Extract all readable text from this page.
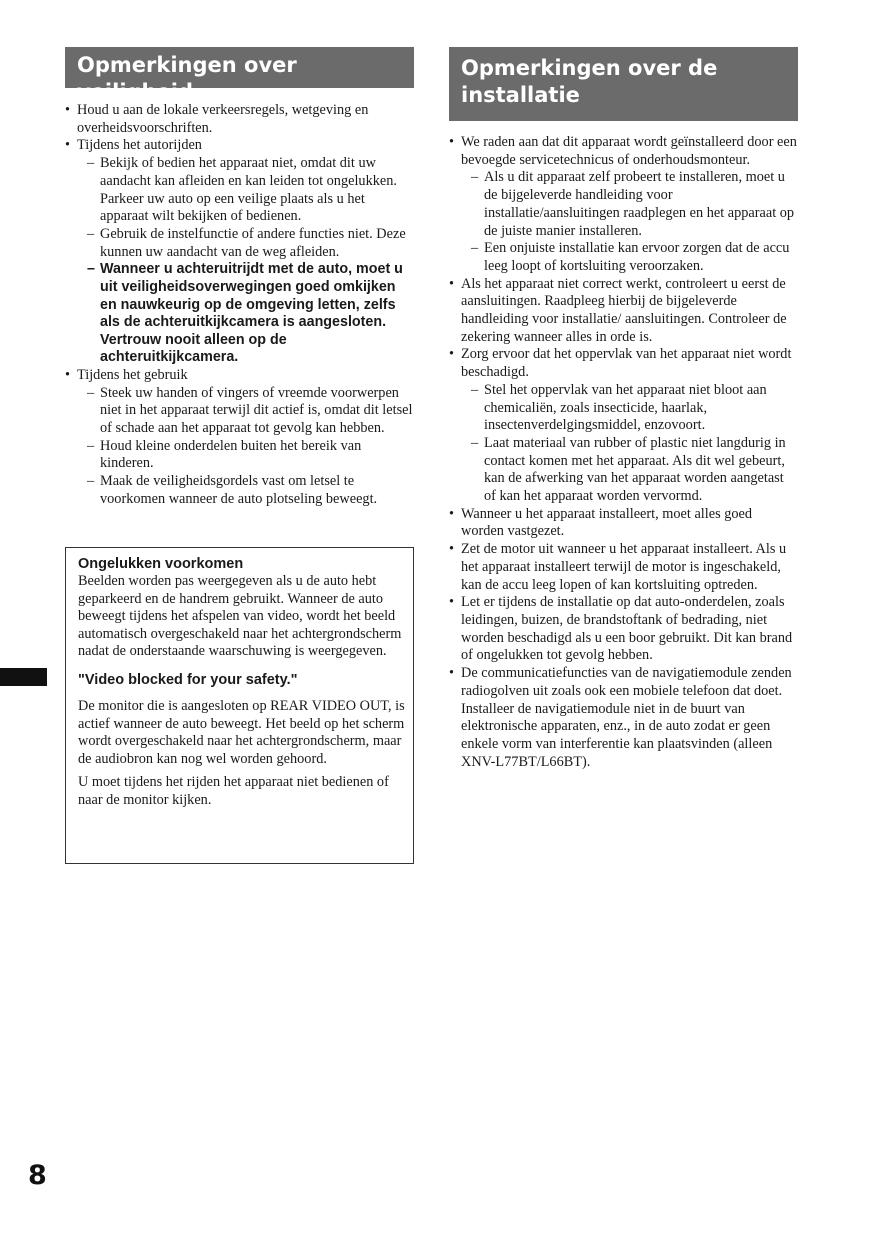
Opmerkingen over veiligheid
• Houd u aan de lokale verkeersregels, wetgeving en overheidsvoorschriften.
• Tijdens het autorijden
– Bekijk of bedien het apparaat niet, omdat dit uw aandacht kan afleiden en kan leiden tot ongelukken. Parkeer uw auto op een veilige plaats als u het apparaat wilt bekijken of bedienen.
– Gebruik de instelfunctie of andere functies niet. Deze kunnen uw aandacht van de weg afleiden.
– Wanneer u achteruitrijdt met de auto, moet u uit veiligheidsoverwegingen goed omkijken en nauwkeurig op de omgeving letten, zelfs als de achteruitkijkcamera is aangesloten. Vertrouw nooit alleen op de achteruitkijkcamera.
• Tijdens het gebruik
– Steek uw handen of vingers of vreemde voorwerpen niet in het apparaat terwijl dit actief is, omdat dit letsel of schade aan het apparaat tot gevolg kan hebben.
– Houd kleine onderdelen buiten het bereik van kinderen.
– Maak de veiligheidsgordels vast om letsel te voorkomen wanneer de auto plotseling beweegt.
Ongelukken voorkomen

Beelden worden pas weergegeven als u de auto hebt geparkeerd en de handrem gebruikt. Wanneer de auto beweegt tijdens het afspelen van video, wordt het beeld automatisch overgeschakeld naar het achtergrondscherm nadat de onderstaande waarschuwing is weergegeven.

"Video blocked for your safety."

De monitor die is aangesloten op REAR VIDEO OUT, is actief wanneer de auto beweegt. Het beeld op het scherm wordt overgeschakeld naar het achtergrondscherm, maar de audiobron kan nog wel worden gehoord.

U moet tijdens het rijden het apparaat niet bedienen of naar de monitor kijken.

Opmerkingen over de
installatie
• We raden aan dat dit apparaat wordt geïnstalleerd door een bevoegde servicetechnicus of onderhoudsmonteur.
– Als u dit apparaat zelf probeert te installeren, moet u de bijgeleverde handleiding voor installatie/aansluitingen raadplegen en het apparaat op de juiste manier installeren.
– Een onjuiste installatie kan ervoor zorgen dat de accu leeg loopt of kortsluiting veroorzaken.
• Als het apparaat niet correct werkt, controleert u eerst de aansluitingen. Raadpleeg hierbij de bijgeleverde handleiding voor installatie/ aansluitingen. Controleer de zekering wanneer alles in orde is.
• Zorg ervoor dat het oppervlak van het apparaat niet wordt beschadigd.
– Stel het oppervlak van het apparaat niet bloot aan chemicaliën, zoals insecticide, haarlak, insectenverdelgingsmiddel, enzovoort.
– Laat materiaal van rubber of plastic niet langdurig in contact komen met het apparaat. Als dit wel gebeurt, kan de afwerking van het apparaat worden aangetast of kan het apparaat worden vervormd.
• Wanneer u het apparaat installeert, moet alles goed worden vastgezet.
• Zet de motor uit wanneer u het apparaat installeert. Als u het apparaat installeert terwijl de motor is ingeschakeld, kan de accu leeg lopen of kan kortsluiting optreden.
• Let er tijdens de installatie op dat auto-onderdelen, zoals leidingen, buizen, de brandstoftank of bedrading, niet worden beschadigd als u een boor gebruikt. Dit kan brand of ongelukken tot gevolg hebben.
• De communicatiefuncties van de navigatiemodule zenden radiogolven uit zoals ook een mobiele telefoon dat doet. Installeer de navigatiemodule niet in de buurt van elektronische apparaten, enz., in de auto zodat er geen enkele vorm van interferentie kan plaatsvinden (alleen XNV-L77BT/L66BT).
8
